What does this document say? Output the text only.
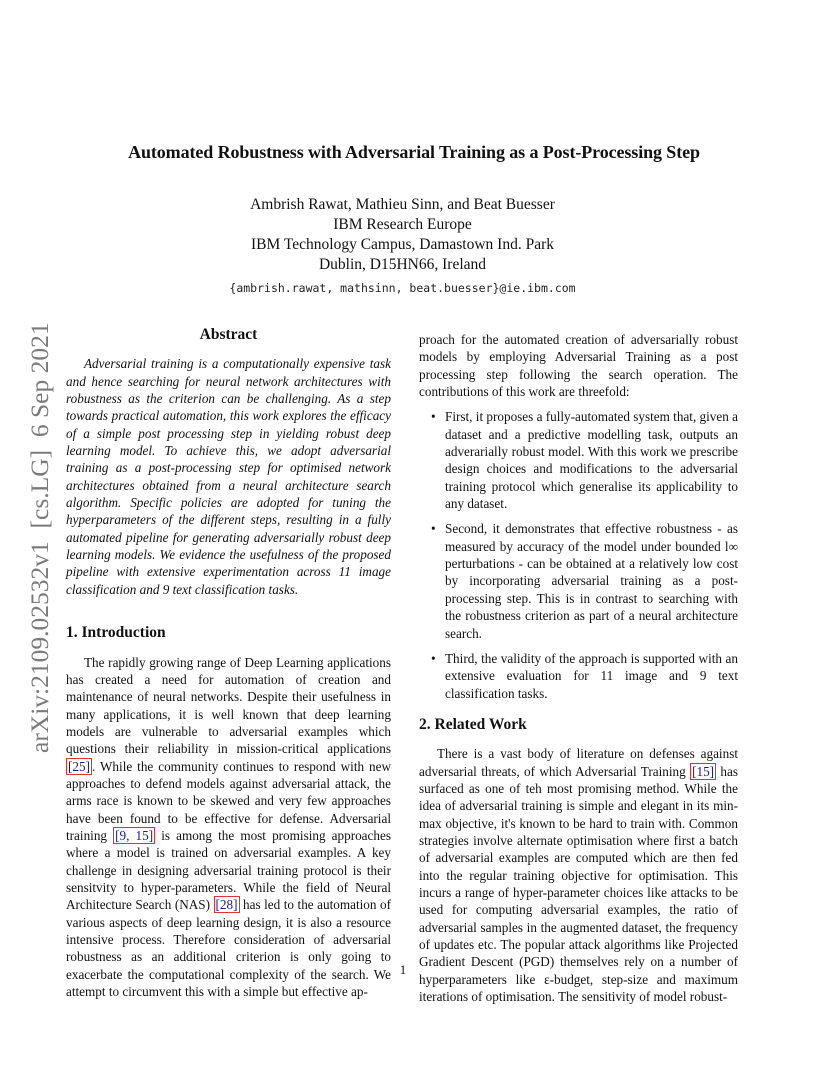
arXiv:2109.02532v1  [cs.LG]  6 Sep 2021
Automated Robustness with Adversarial Training as a Post-Processing Step
Ambrish Rawat, Mathieu Sinn, and Beat Buesser
IBM Research Europe
IBM Technology Campus, Damastown Ind. Park
Dublin, D15HN66, Ireland
{ambrish.rawat, mathsinn, beat.buesser}@ie.ibm.com
Abstract

Adversarial training is a computationally expensive task and hence searching for neural network architectures with robustness as the criterion can be challenging. As a step towards practical automation, this work explores the efficacy of a simple post processing step in yielding robust deep learning model. To achieve this, we adopt adversarial training as a post-processing step for optimised network architectures obtained from a neural architecture search algorithm. Specific policies are adopted for tuning the hyperparameters of the different steps, resulting in a fully automated pipeline for generating adversarially robust deep learning models. We evidence the usefulness of the proposed pipeline with extensive experimentation across 11 image classification and 9 text classification tasks.

1. Introduction

The rapidly growing range of Deep Learning applications has created a need for automation of creation and maintenance of neural networks. Despite their usefulness in many applications, it is well known that deep learning models are vulnerable to adversarial examples which questions their reliability in mission-critical applications [25] . While the community continues to respond with new approaches to defend models against adversarial attack, the arms race is known to be skewed and very few approaches have been found to be effective for defense. Adversarial training [9, 15] is among the most promising approaches where a model is trained on adversarial examples. A key challenge in designing adversarial training protocol is their sensitvity to hyper-parameters. While the field of Neural Architecture Search (NAS) [28] has led to the automation of various aspects of deep learning design, it is also a resource intensive process. Therefore consideration of adversarial robustness as an additional criterion is only going to exacerbate the computational complexity of the search. We attempt to circumvent this with a simple but effective ap-

proach for the automated creation of adversarially robust models by employing Adversarial Training as a post processing step following the search operation. The contributions of this work are threefold:

• First, it proposes a fully-automated system that, given a dataset and a predictive modelling task, outputs an adverarially robust model. With this work we prescribe design choices and modifications to the adversarial training protocol which generalise its applicability to any dataset.
• Second, it demonstrates that effective robustness - as measured by accuracy of the model under bounded l∞ perturbations - can be obtained at a relatively low cost by incorporating adversarial training as a post-processing step. This is in contrast to searching with the robustness criterion as part of a neural architecture search.
• Third, the validity of the approach is supported with an extensive evaluation for 11 image and 9 text classification tasks.
2. Related Work

There is a vast body of literature on defenses against adversarial threats, of which Adversarial Training [15] has surfaced as one of teh most promising method. While the idea of adversarial training is simple and elegant in its min-max objective, it's known to be hard to train with. Common strategies involve alternate optimisation where first a batch of adversarial examples are computed which are then fed into the regular training objective for optimisation. This incurs a range of hyper-parameter choices like attacks to be used for computing adversarial examples, the ratio of adversarial samples in the augmented dataset, the frequency of updates etc. The popular attack algorithms like Projected Gradient Descent (PGD) themselves rely on a number of hyperparameters like ε-budget, step-size and maximum iterations of optimisation. The sensitivity of model robust-

1
